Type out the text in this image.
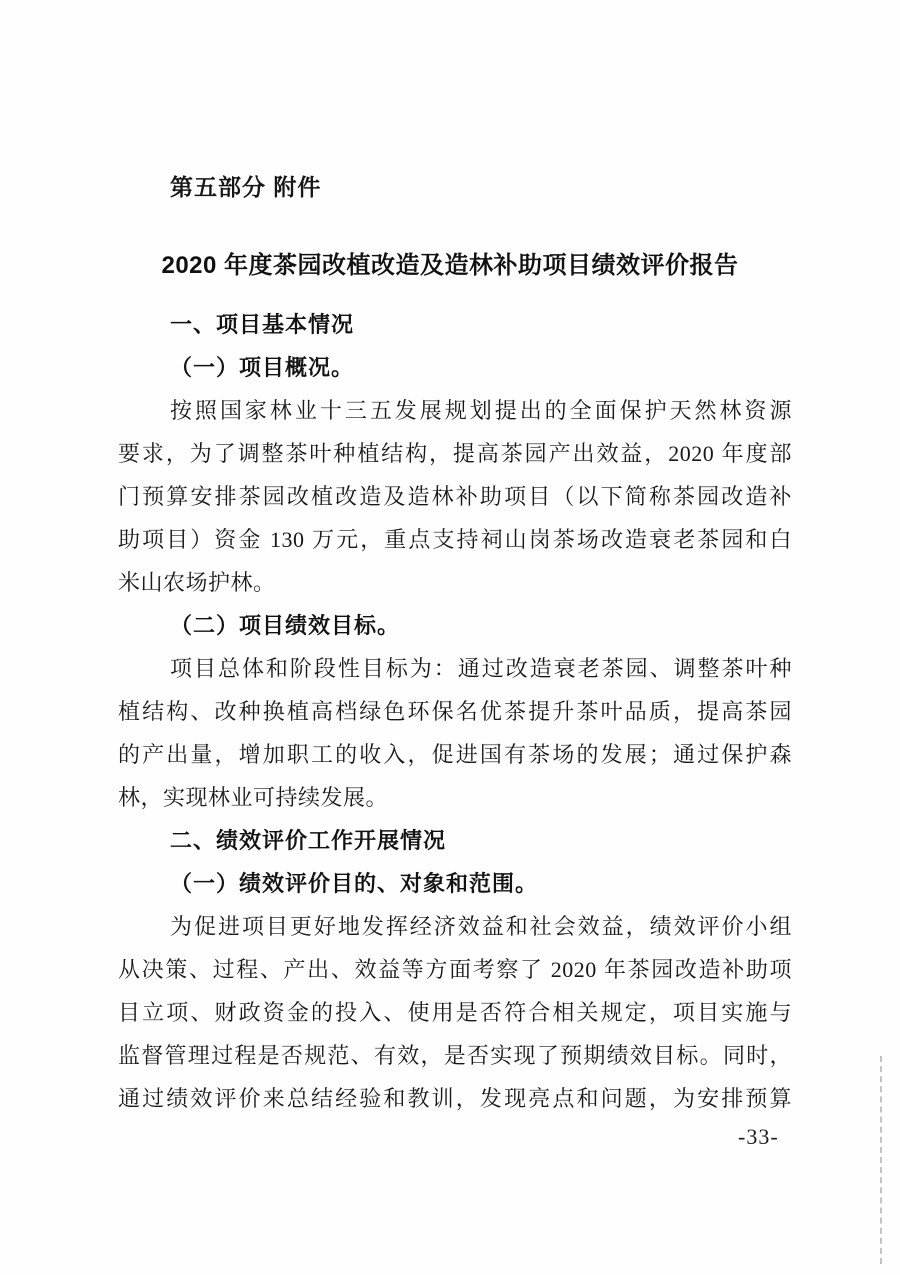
第五部分 附件
2020 年度茶园改植改造及造林补助项目绩效评价报告
一、项目基本情况
（一）项目概况。
按照国家林业十三五发展规划提出的全面保护天然林资源
要求，为了调整茶叶种植结构，提高茶园产出效益，2020 年度部
门预算安排茶园改植改造及造林补助项目（以下简称茶园改造补
助项目）资金 130 万元，重点支持祠山岗茶场改造衰老茶园和白
米山农场护林。
（二）项目绩效目标。
项目总体和阶段性目标为：通过改造衰老茶园、调整茶叶种
植结构、改种换植高档绿色环保名优茶提升茶叶品质，提高茶园
的产出量，增加职工的收入，促进国有茶场的发展；通过保护森
林，实现林业可持续发展。
二、绩效评价工作开展情况
（一）绩效评价目的、对象和范围。
为促进项目更好地发挥经济效益和社会效益，绩效评价小组
从决策、过程、产出、效益等方面考察了 2020 年茶园改造补助项
目立项、财政资金的投入、使用是否符合相关规定，项目实施与
监督管理过程是否规范、有效，是否实现了预期绩效目标。同时，
通过绩效评价来总结经验和教训，发现亮点和问题，为安排预算
-33-
